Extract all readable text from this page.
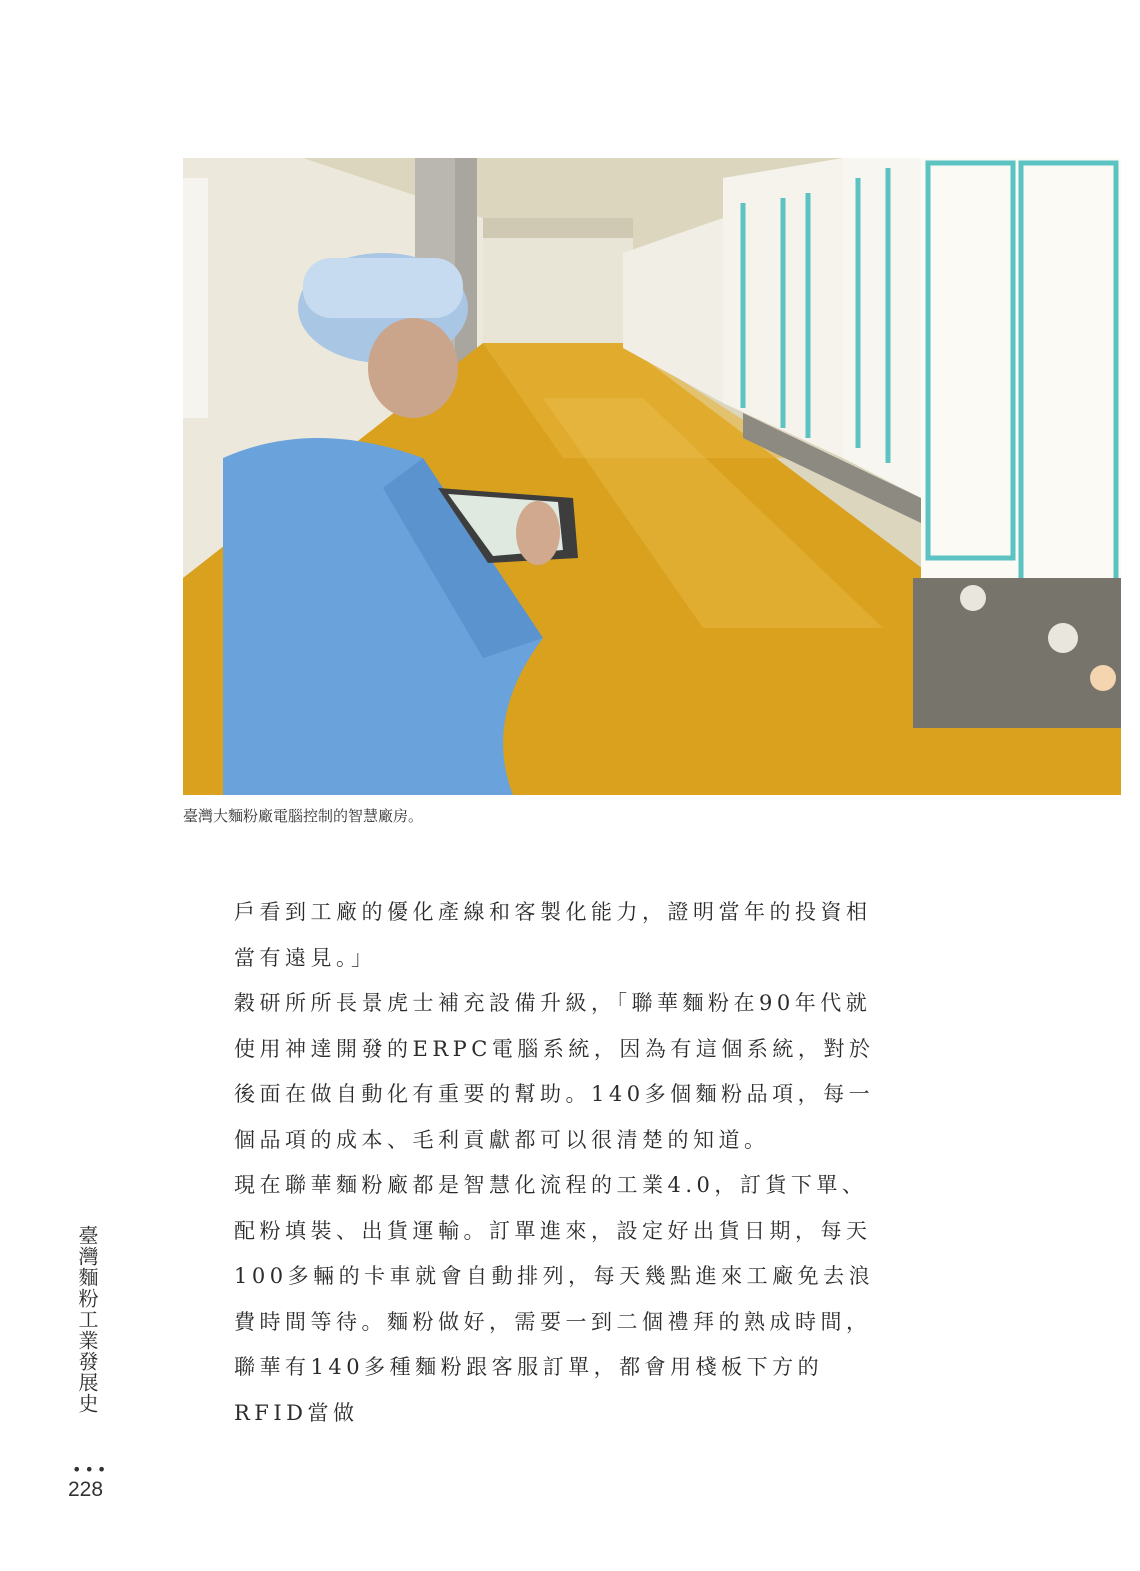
臺灣大麵粉廠電腦控制的智慧廠房。

戶看到工廠的優化產線和客製化能力，證明當年的投資相當有遠見。」

穀研所所長景虎士補充設備升級，「聯華麵粉在90年代就使用神達開發的ERPC電腦系統，因為有這個系統，對於後面在做自動化有重要的幫助。140多個麵粉品項，每一個品項的成本、毛利貢獻都可以很清楚的知道。

現在聯華麵粉廠都是智慧化流程的工業4.0，訂貨下單、配粉填裝、出貨運輸。訂單進來，設定好出貨日期，每天100多輛的卡車就會自動排列，每天幾點進來工廠免去浪費時間等待。麵粉做好，需要一到二個禮拜的熟成時間，聯華有140多種麵粉跟客服訂單，都會用棧板下方的RFID當做

臺灣麵粉工業發展史
•••
228
